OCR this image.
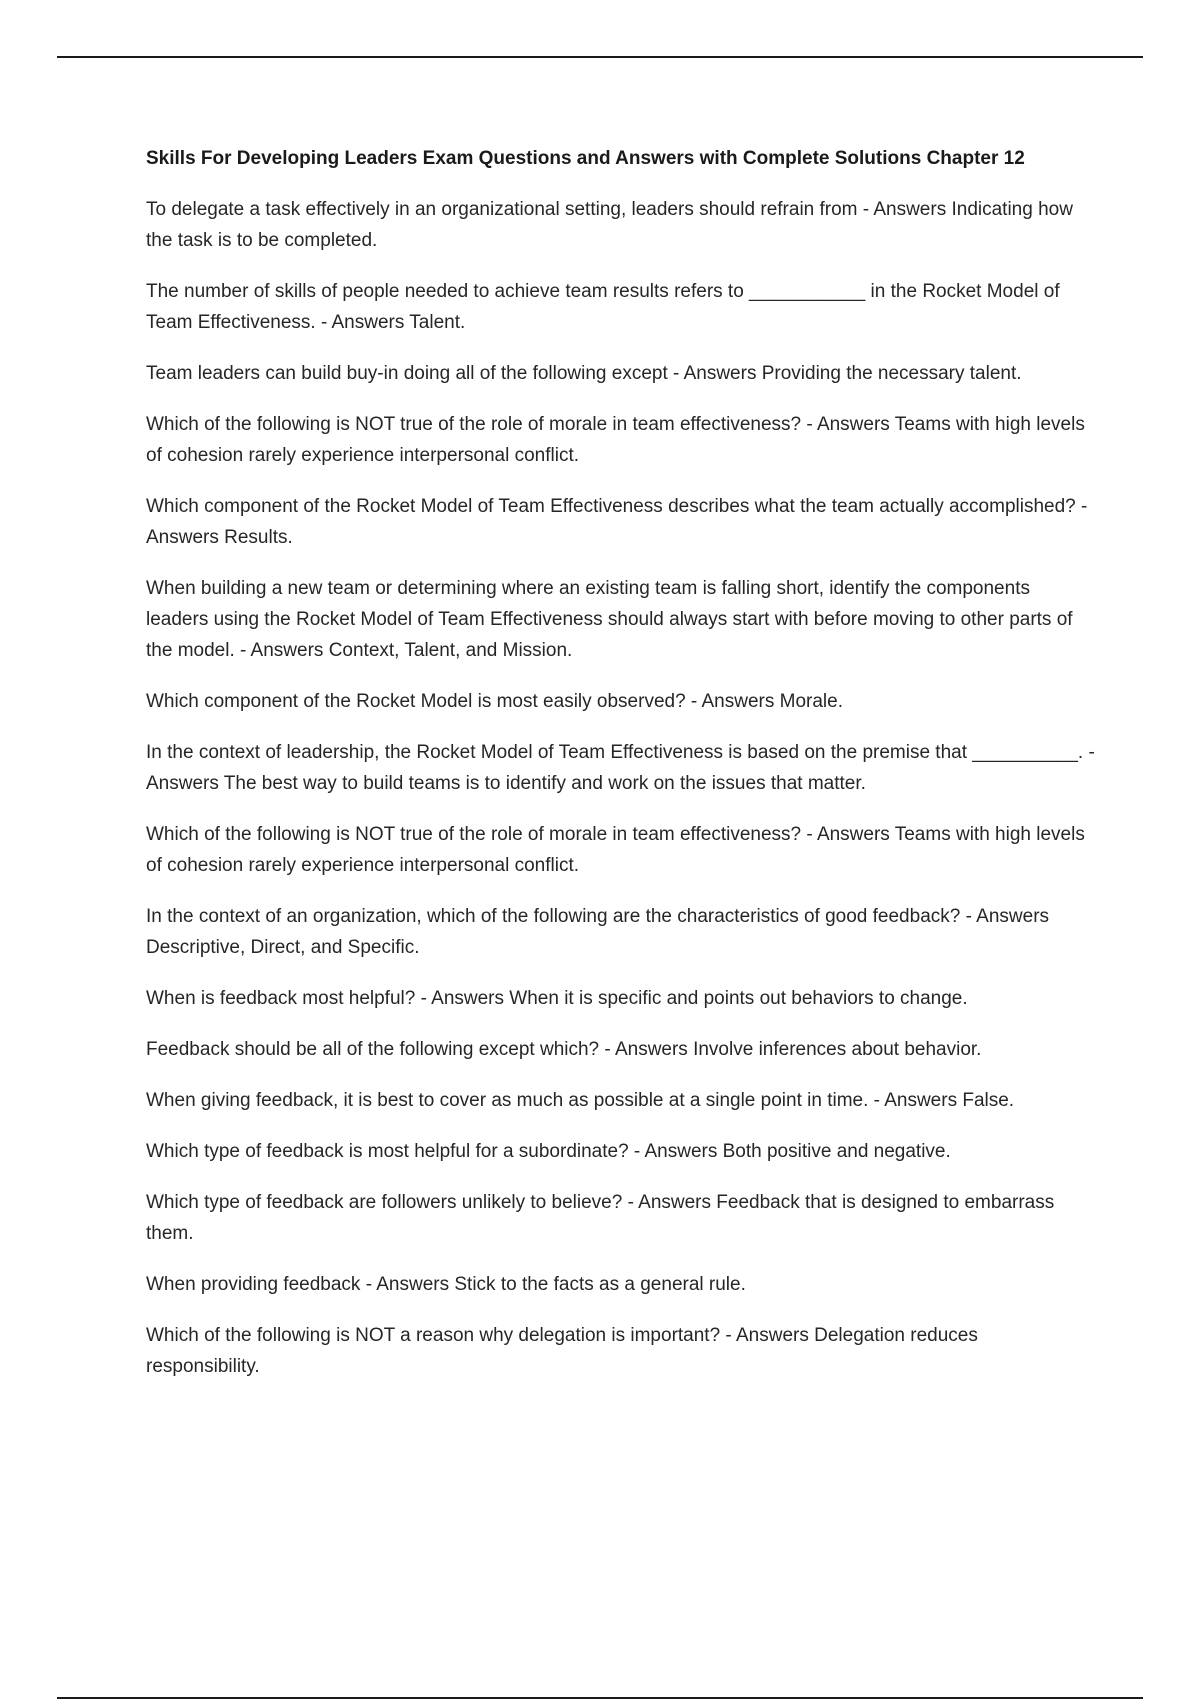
Skills For Developing Leaders Exam Questions and Answers with Complete Solutions Chapter 12

To delegate a task effectively in an organizational setting, leaders should refrain from - Answers Indicating how the task is to be completed.

The number of skills of people needed to achieve team results refers to ___________ in the Rocket Model of Team Effectiveness. - Answers Talent.

Team leaders can build buy-in doing all of the following except - Answers Providing the necessary talent.

Which of the following is NOT true of the role of morale in team effectiveness? - Answers Teams with high levels of cohesion rarely experience interpersonal conflict.

Which component of the Rocket Model of Team Effectiveness describes what the team actually accomplished? - Answers Results.

When building a new team or determining where an existing team is falling short, identify the components leaders using the Rocket Model of Team Effectiveness should always start with before moving to other parts of the model. - Answers Context, Talent, and Mission.

Which component of the Rocket Model is most easily observed? - Answers Morale.

In the context of leadership, the Rocket Model of Team Effectiveness is based on the premise that __________. - Answers The best way to build teams is to identify and work on the issues that matter.

Which of the following is NOT true of the role of morale in team effectiveness? - Answers Teams with high levels of cohesion rarely experience interpersonal conflict.

In the context of an organization, which of the following are the characteristics of good feedback? - Answers Descriptive, Direct, and Specific.

When is feedback most helpful? - Answers When it is specific and points out behaviors to change.

Feedback should be all of the following except which? - Answers Involve inferences about behavior.

When giving feedback, it is best to cover as much as possible at a single point in time. - Answers False.

Which type of feedback is most helpful for a subordinate? - Answers Both positive and negative.

Which type of feedback are followers unlikely to believe? - Answers Feedback that is designed to embarrass them.

When providing feedback - Answers Stick to the facts as a general rule.

Which of the following is NOT a reason why delegation is important? - Answers Delegation reduces responsibility.
